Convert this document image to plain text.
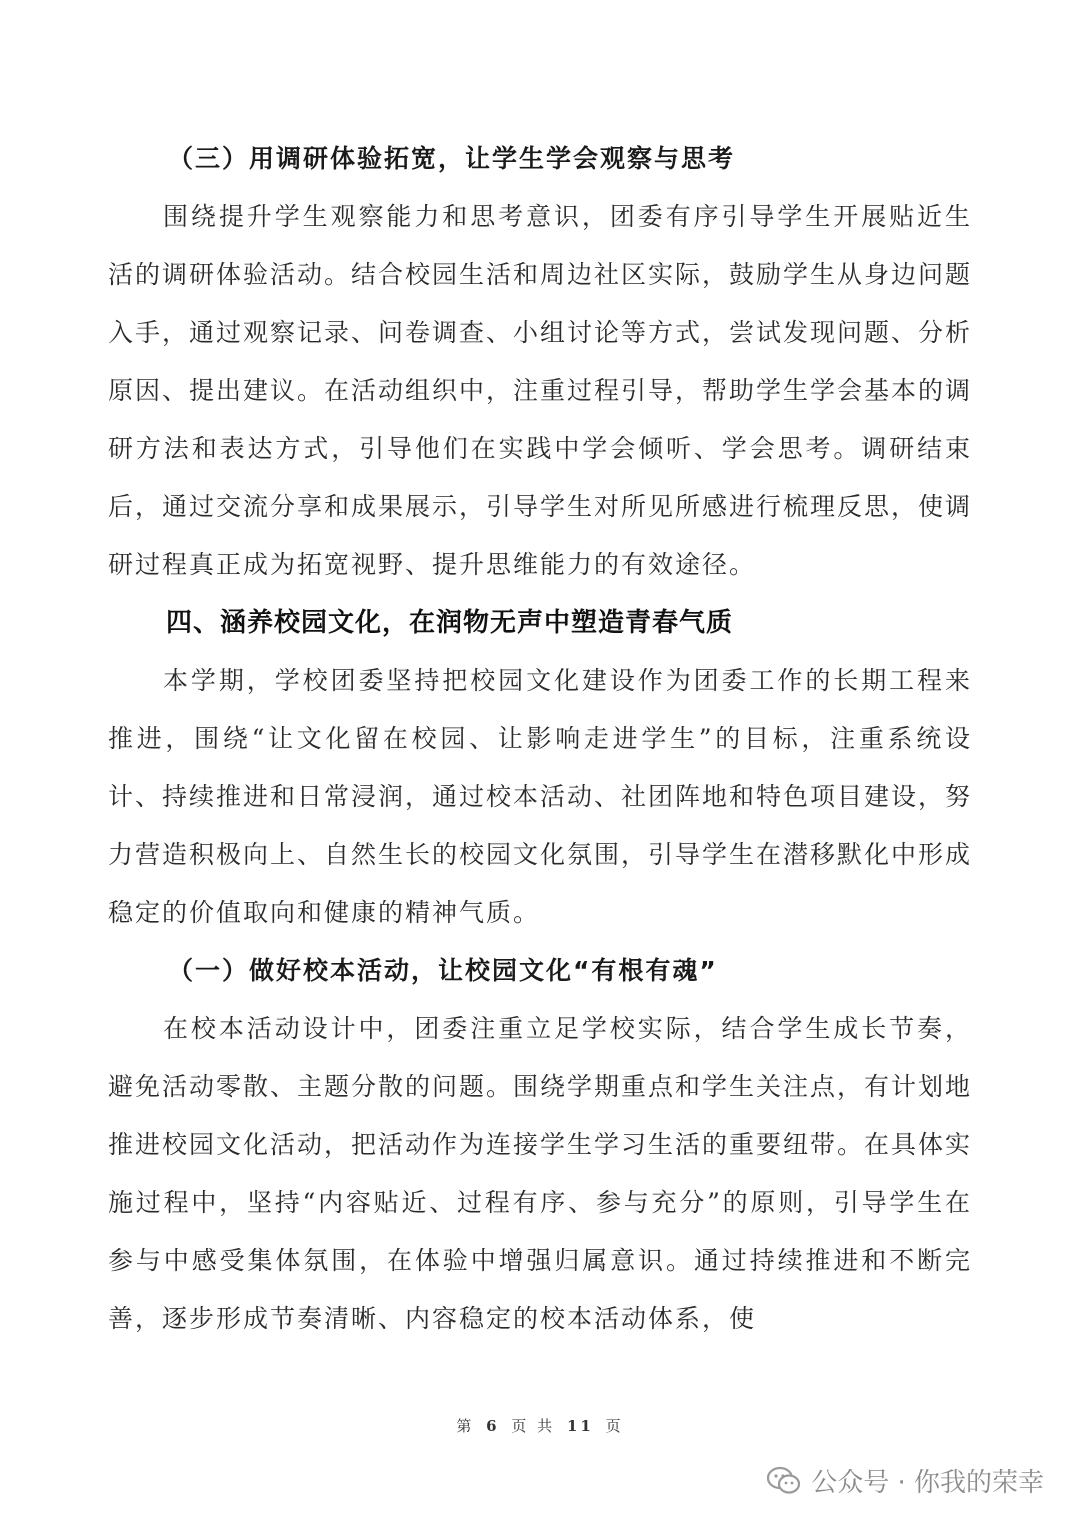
（三）用调研体验拓宽，让学生学会观察与思考

围绕提升学生观察能力和思考意识，团委有序引导学生开展贴近生活的调研体验活动。结合校园生活和周边社区实际，鼓励学生从身边问题入手，通过观察记录、问卷调查、小组讨论等方式，尝试发现问题、分析原因、提出建议。在活动组织中，注重过程引导，帮助学生学会基本的调研方法和表达方式，引导他们在实践中学会倾听、学会思考。调研结束后，通过交流分享和成果展示，引导学生对所见所感进行梳理反思，使调研过程真正成为拓宽视野、提升思维能力的有效途径。

四、涵养校园文化，在润物无声中塑造青春气质

本学期，学校团委坚持把校园文化建设作为团委工作的长期工程来推进，围绕“让文化留在校园、让影响走进学生”的目标，注重系统设计、持续推进和日常浸润，通过校本活动、社团阵地和特色项目建设，努力营造积极向上、自然生长的校园文化氛围，引导学生在潜移默化中形成稳定的价值取向和健康的精神气质。

（一）做好校本活动，让校园文化“有根有魂”

在校本活动设计中，团委注重立足学校实际，结合学生成长节奏，避免活动零散、主题分散的问题。围绕学期重点和学生关注点，有计划地推进校园文化活动，把活动作为连接学生学习生活的重要纽带。在具体实施过程中，坚持“内容贴近、过程有序、参与充分”的原则，引导学生在参与中感受集体氛围，在体验中增强归属意识。通过持续推进和不断完善，逐步形成节奏清晰、内容稳定的校本活动体系，使

第 6 页 共 11 页
公众号 · 你我的荣幸
